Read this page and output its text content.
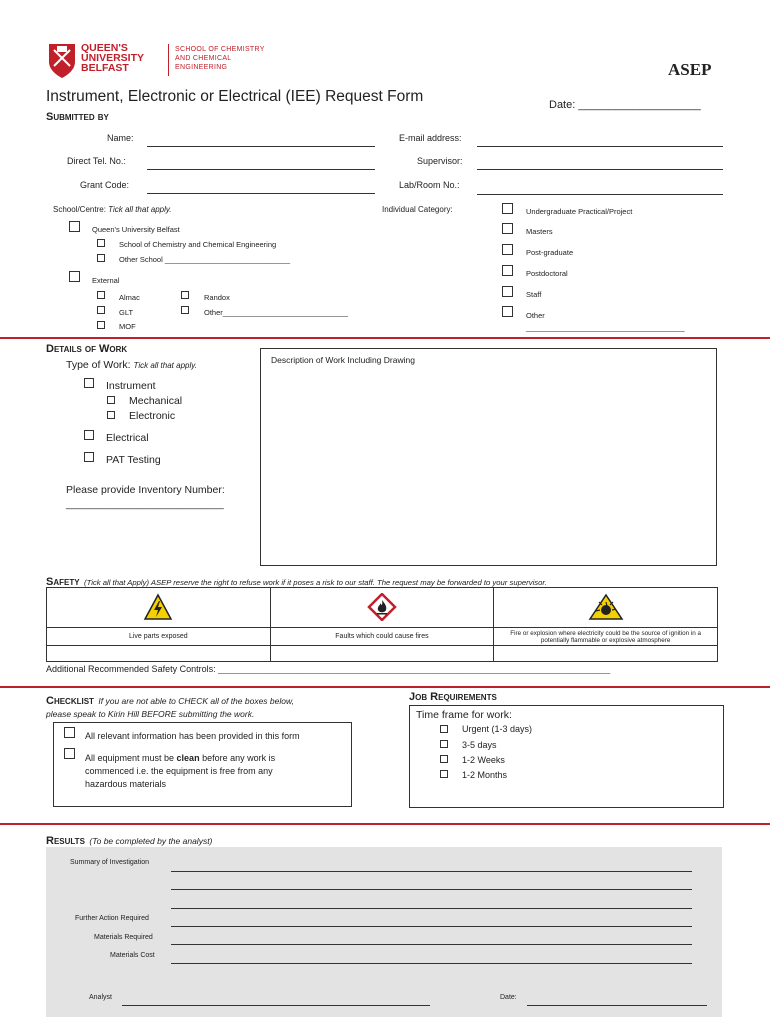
QUEEN'S
UNIVERSITY
BELFAST
SCHOOL OF CHEMISTRY
AND CHEMICAL
ENGINEERING	ASEP
Instrument, Electronic or Electrical (IEE) Request Form	Date: ____________________
Submitted by
Name:	E-mail address:
Direct Tel. No.:	Supervisor:
Grant Code:	Lab/Room No.:
School/Centre: Tick all that apply.
Queen's University Belfast
School of Chemistry and Chemical Engineering
Other School ______________________________
External
Almac	Randox
GLT	Other______________________________
MOF
Individual Category:	Undergraduate Practical/Project
Masters
Post-graduate
Postdoctoral
Staff
Other
______________________________________
Details of Work
Type of Work: Tick all that apply.
Instrument
Mechanical
Electronic
Electrical
PAT Testing
Please provide Inventory Number:
___________________________
Description of Work Including Drawing
Safety (Tick all that Apply) ASEP reserve the right to refuse work if it poses a risk to our staff. The request may be forwarded to your supervisor.

Live parts exposed	Faults which could cause fires	Fire or explosion where electricity could be the source of ignition in a potentially flammable or explosive atmosphere

Additional Recommended Safety Controls: ______________________________________________________________________________________________
Checklist If you are not able to CHECK all of the boxes below,
please speak to Kirin Hill BEFORE submitting the work.
All relevant information has been provided in this form
All equipment must be clean before any work is
commenced i.e. the equipment is free from any
hazardous materials
Job Requirements
Time frame for work:
Urgent (1-3 days)
3-5 days
1-2 Weeks
1-2 Months
Results (To be completed by the analyst)
Summary of Investigation
Further Action Required
Materials Required
Materials Cost
Analyst	Date:
